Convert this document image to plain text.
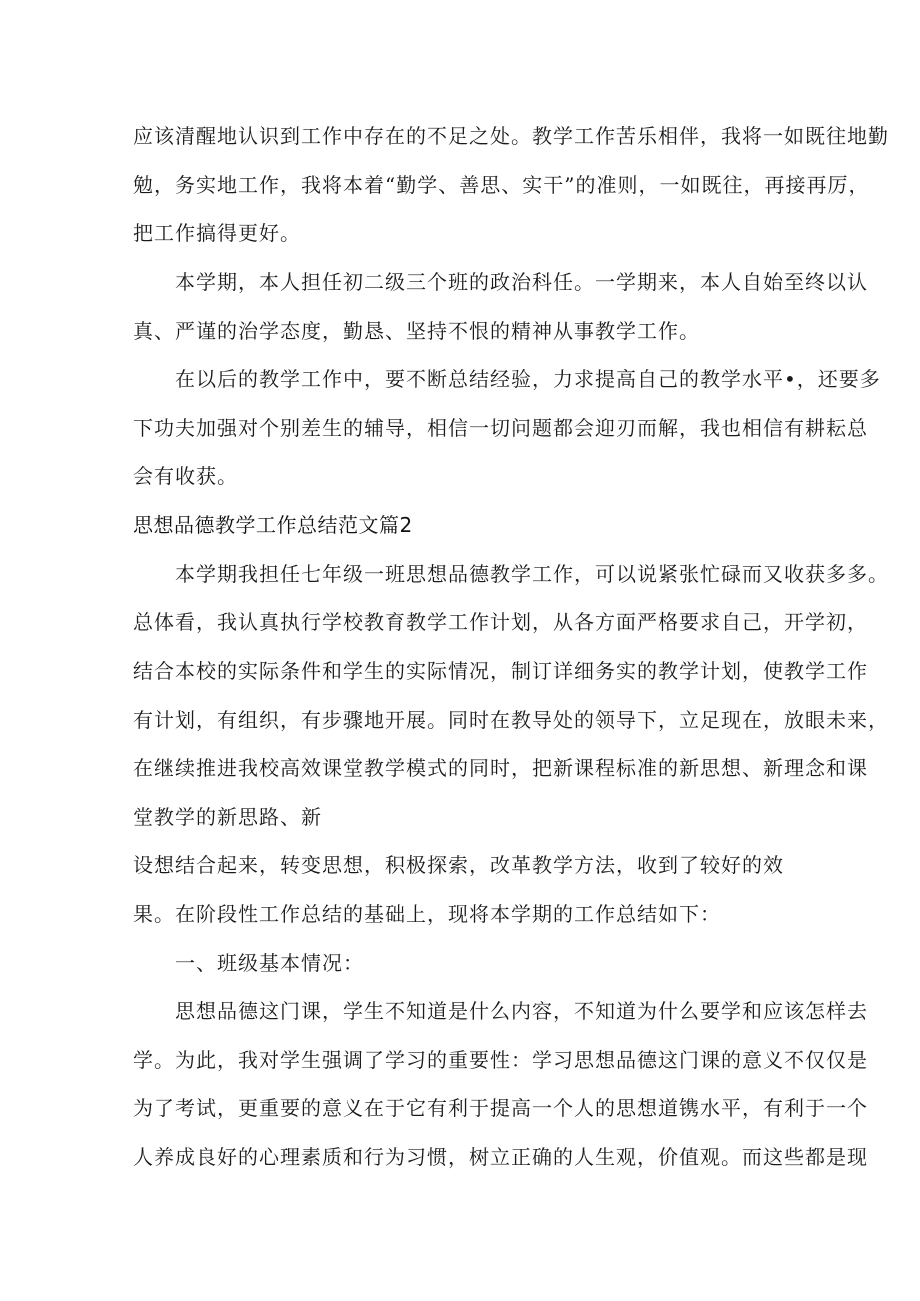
应该清醒地认识到工作中存在的不足之处。教学工作苦乐相伴，我将一如既往地勤
勉，务实地工作，我将本着“勤学、善思、实干”的准则，一如既往，再接再厉，
把工作搞得更好。
本学期，本人担任初二级三个班的政治科任。一学期来，本人自始至终以认
真、严谨的治学态度，勤恳、坚持不恨的精神从事教学工作。
在以后的教学工作中，要不断总结经验，力求提高自己的教学水平•，还要多
下功夫加强对个别差生的辅导，相信一切问题都会迎刃而解，我也相信有耕耘总
会有收获。
思想品德教学工作总结范文篇2
本学期我担任七年级一班思想品德教学工作，可以说紧张忙碌而又收获多多。
总体看，我认真执行学校教育教学工作计划，从各方面严格要求自己，开学初，
结合本校的实际条件和学生的实际情况，制订详细务实的教学计划，使教学工作
有计划，有组织，有步骤地开展。同时在教导处的领导下，立足现在，放眼未来，
在继续推进我校高效课堂教学模式的同时，把新课程标准的新思想、新理念和课
堂教学的新思路、新
设想结合起来，转变思想，积极探索，改革教学方法，收到了较好的效
果。在阶段性工作总结的基础上，现将本学期的工作总结如下：
一、班级基本情况：
思想品德这门课，学生不知道是什么内容，不知道为什么要学和应该怎样去
学。为此，我对学生强调了学习的重要性：学习思想品德这门课的意义不仅仅是
为了考试，更重要的意义在于它有利于提高一个人的思想道镌水平，有利于一个
人养成良好的心理素质和行为习惯，树立正确的人生观，价值观。而这些都是现
